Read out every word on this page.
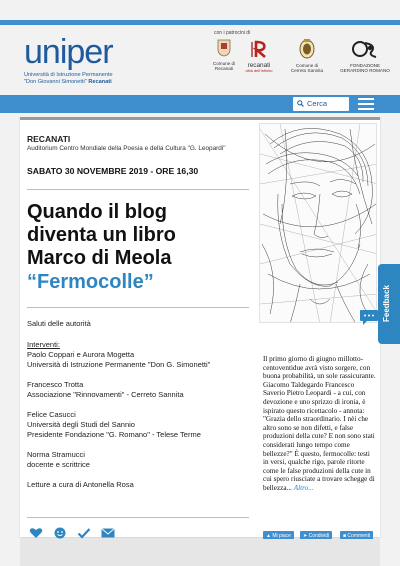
uniper
Università di Istruzione Permanente
"Don Giovanni Simonetti" Recanati
con i patrocini di
Comune di Recanati	recanati
città dell'infinito
Comune di Cerreto Sannita
FONDAZIONE GERARDINO ROMANO
Cerca
RECANATI
Auditorium Centro Mondiale della Poesia e della Cultura "G. Leopardi"
SABATO 30 NOVEMBRE 2019 - ORE 16,30
Quando il blog
diventa un libro
Marco di Meola
“Fermocolle”
Saluti delle autorità
Interventi:
Paolo Coppari e Aurora Mogetta
Università di Istruzione Permanente "Don G. Simonetti"
Francesco Trotta
Associazione "Rinnovamenti" - Cerreto Sannita
Felice Casucci
Università degli Studi del Sannio
Presidente Fondazione "G. Romano" - Telese Terme
Norma Stramucci
docente e scrittrice
Letture a cura di Antonella Rosa
Il primo giorno di giugno millotto-centoventidue avrà visto sorgere, con buona probabilità, un sole rassicurante. Giacomo Taldegardo Francesco Saverio Pietro Leopardi - a cui, con devozione e uno sprizzo di ironia, è ispirato questo ricettacolo - annota: "Grazia dello straordinario. I nèi che altro sono se non difetti, e false produzioni della cute? E non sono stati considerati lungo tempo come bellezze?" È questo, fermocolle: testi in versi, qualche rigo, parole ritorte come le false produzioni della cute in cui spero riusciate a trovare schegge di bellezza... Altro...
▲ Mi piace	➤ Condividi	■ Commenti
Feedback
